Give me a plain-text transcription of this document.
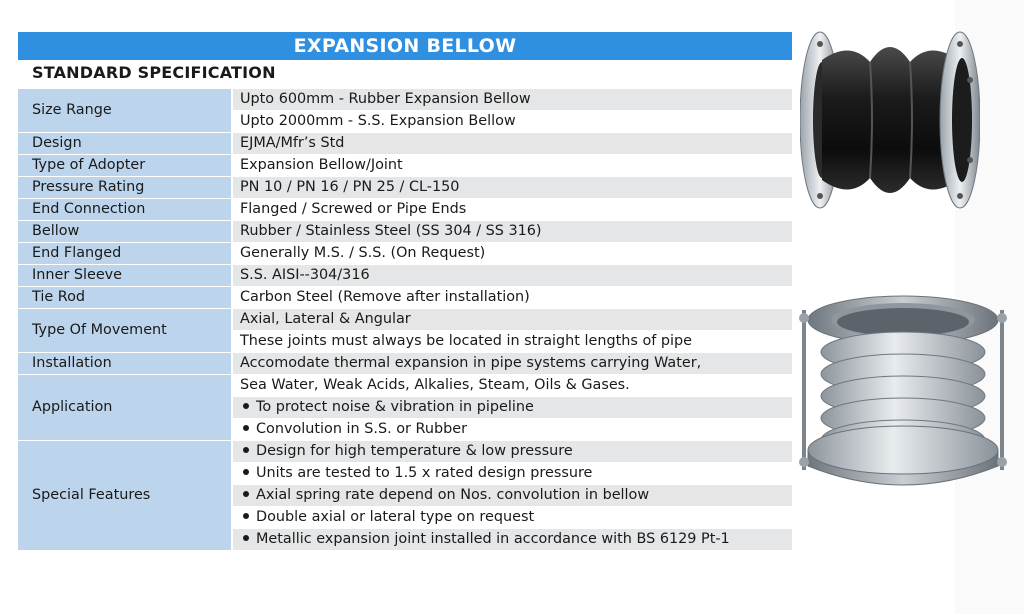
EXPANSION BELLOW
STANDARD SPECIFICATION
Size Range	Upto 600mm - Rubber Expansion Bellow
	Upto 2000mm - S.S. Expansion Bellow
Design	EJMA/Mfr’s Std
Type of Adopter	Expansion Bellow/Joint
Pressure Rating	PN 10 / PN 16 / PN 25 / CL-150
End Connection	Flanged / Screwed or Pipe Ends
Bellow	Rubber / Stainless Steel (SS 304 / SS 316)
End Flanged	Generally M.S. / S.S. (On Request)
Inner Sleeve	S.S. AISI--304/316
Tie Rod	Carbon Steel (Remove after installation)
Type Of Movement	Axial, Lateral & Angular
	These joints must always be located in straight lengths of pipe
Installation	Accomodate thermal expansion in pipe systems carrying Water,
Application	Sea Water, Weak Acids, Alkalies, Steam, Oils & Gases.
	To protect noise & vibration in pipeline
	Convolution in S.S. or Rubber
Special Features	Design for high temperature & low pressure
	Units are tested to 1.5 x rated design pressure
	Axial spring rate depend on Nos. convolution in bellow
	Double axial or lateral type on request
	Metallic expansion joint installed in accordance with BS 6129 Pt-1
